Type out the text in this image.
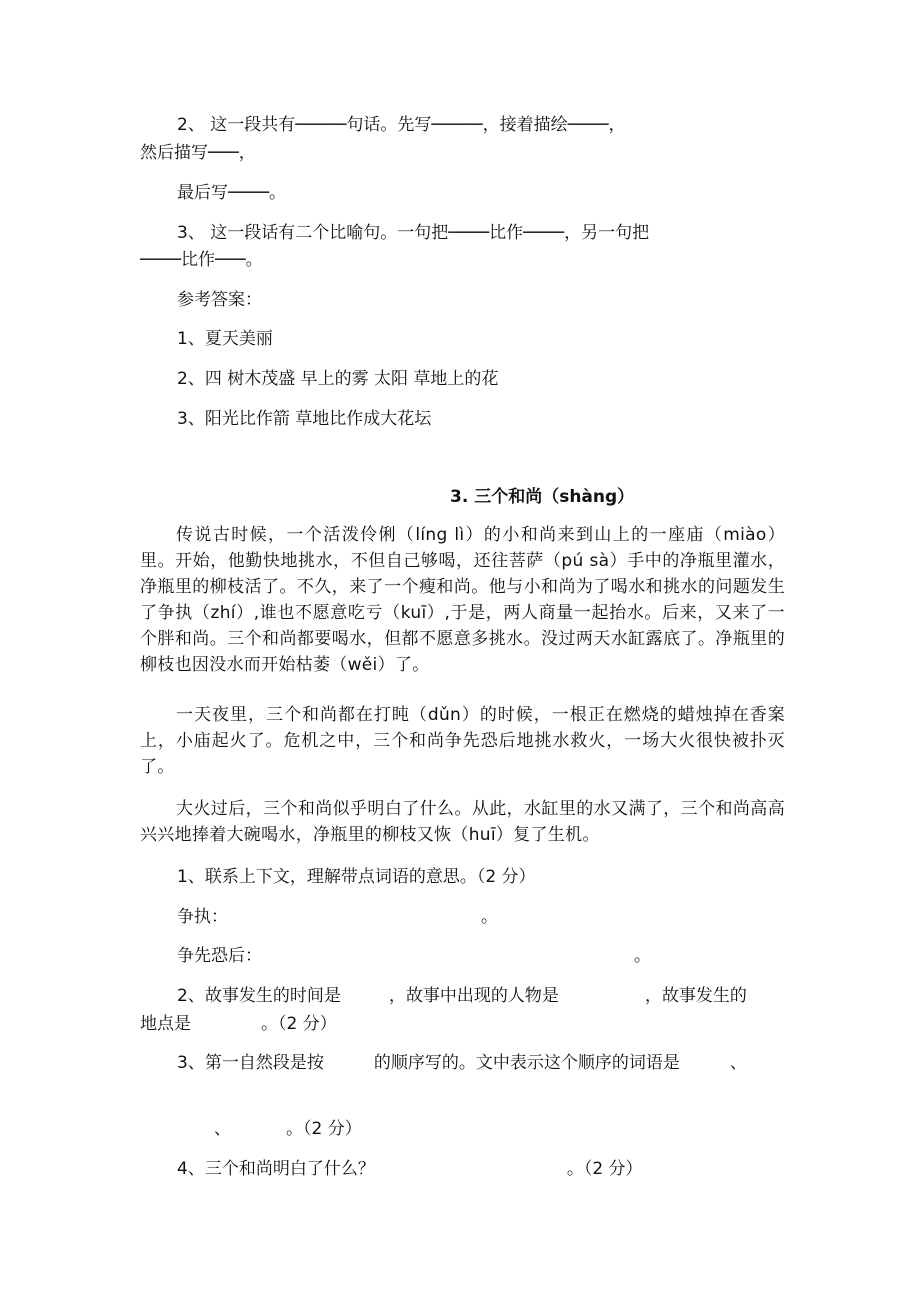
2、 这一段共有─────句话。先写─────，接着描绘────，
然后描写───，
最后写────。
3、 这一段话有二个比喻句。一句把────比作────，另一句把
────比作───。
参考答案：
1、夏天美丽
2、四 树木茂盛 早上的雾 太阳 草地上的花
3、阳光比作箭 草地比作成大花坛
3. 三个和尚（shàng）
传说古时候，一个活泼伶俐（líng lì）的小和尚来到山上的一座庙（miào）里。开始，他勤快地挑水，不但自己够喝，还往菩萨（pú sà）手中的净瓶里灌水，净瓶里的柳枝活了。不久，来了一个瘦和尚。他与小和尚为了喝水和挑水的问题发生了争执（zhí）,谁也不愿意吃亏（kuī）,于是，两人商量一起抬水。后来，又来了一个胖和尚。三个和尚都要喝水，但都不愿意多挑水。没过两天水缸露底了。净瓶里的柳枝也因没水而开始枯萎（wěi）了。
一天夜里，三个和尚都在打盹（dǔn）的时候，一根正在燃烧的蜡烛掉在香案上，小庙起火了。危机之中，三个和尚争先恐后地挑水救火，一场大火很快被扑灭了。
大火过后，三个和尚似乎明白了什么。从此，水缸里的水又满了，三个和尚高高兴兴地捧着大碗喝水，净瓶里的柳枝又恢（huī）复了生机。
1、联系上下文，理解带点词语的意思。（2 分）
争执：	。
争先恐后：	。
2、故事发生的时间是	，故事中出现的人物是	，故事发生的
地点是	。（2 分）
3、第一自然段是按	的顺序写的。文中表示这个顺序的词语是	、
、	。（2 分）
4、三个和尚明白了什么？	。（2 分）
